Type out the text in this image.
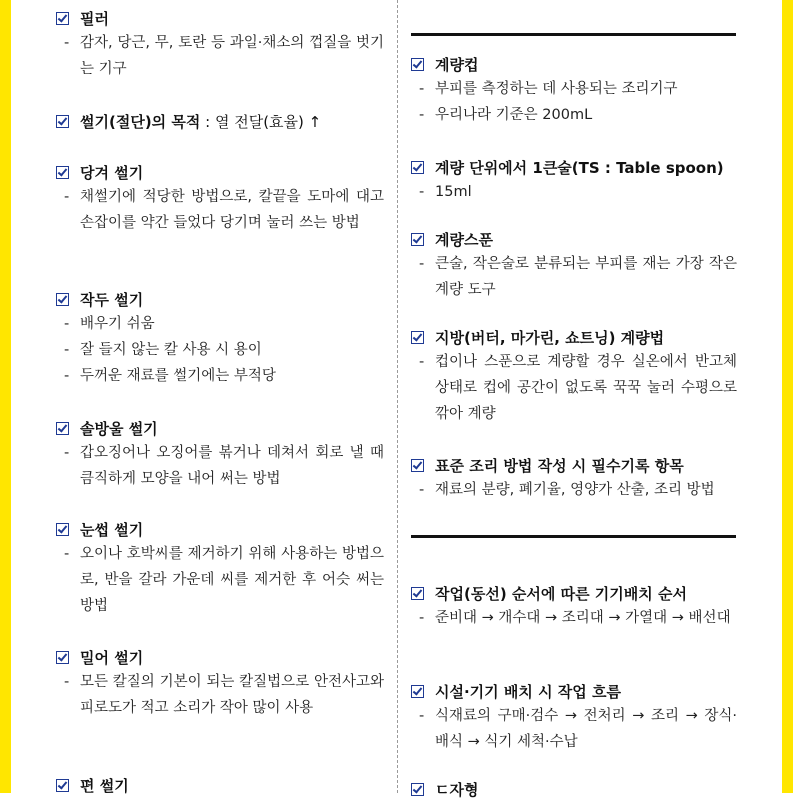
필러
- 감자, 당근, 무, 토란 등 과일·채소의 껍질을 벗기는 기구
썰기(절단)의 목적 : 열 전달(효율) ↑
당겨 썰기
- 채썰기에 적당한 방법으로, 칼끝을 도마에 대고 손잡이를 약간 들었다 당기며 눌러 쓰는 방법
작두 썰기
- 배우기 쉬움
- 잘 들지 않는 칼 사용 시 용이
- 두꺼운 재료를 썰기에는 부적당
솔방울 썰기
- 갑오징어나 오징어를 볶거나 데쳐서 회로 낼 때 큼직하게 모양을 내어 써는 방법
눈썹 썰기
- 오이나 호박씨를 제거하기 위해 사용하는 방법으로, 반을 갈라 가운데 씨를 제거한 후 어슷 써는 방법
밀어 썰기
- 모든 칼질의 기본이 되는 칼질법으로 안전사고와 피로도가 적고 소리가 작아 많이 사용
편 썰기
계량컵
- 부피를 측정하는 데 사용되는 조리기구
- 우리나라 기준은 200mL
계량 단위에서 1큰술(TS : Table spoon)
- 15ml
계량스푼
- 큰술, 작은술로 분류되는 부피를 재는 가장 작은 계량 도구
지방(버터, 마가린, 쇼트닝) 계량법
- 컵이나 스푼으로 계량할 경우 실온에서 반고체 상태로 컵에 공간이 없도록 꾹꾹 눌러 수평으로 깎아 계량
표준 조리 방법 작성 시 필수기록 항목
- 재료의 분량, 폐기율, 영양가 산출, 조리 방법
작업(동선) 순서에 따른 기기배치 순서
- 준비대 → 개수대 → 조리대 → 가열대 → 배선대
시설·기기 배치 시 작업 흐름
- 식재료의 구매·검수 → 전처리 → 조리 → 장식·배식 → 식기 세척·수납
ㄷ자형
